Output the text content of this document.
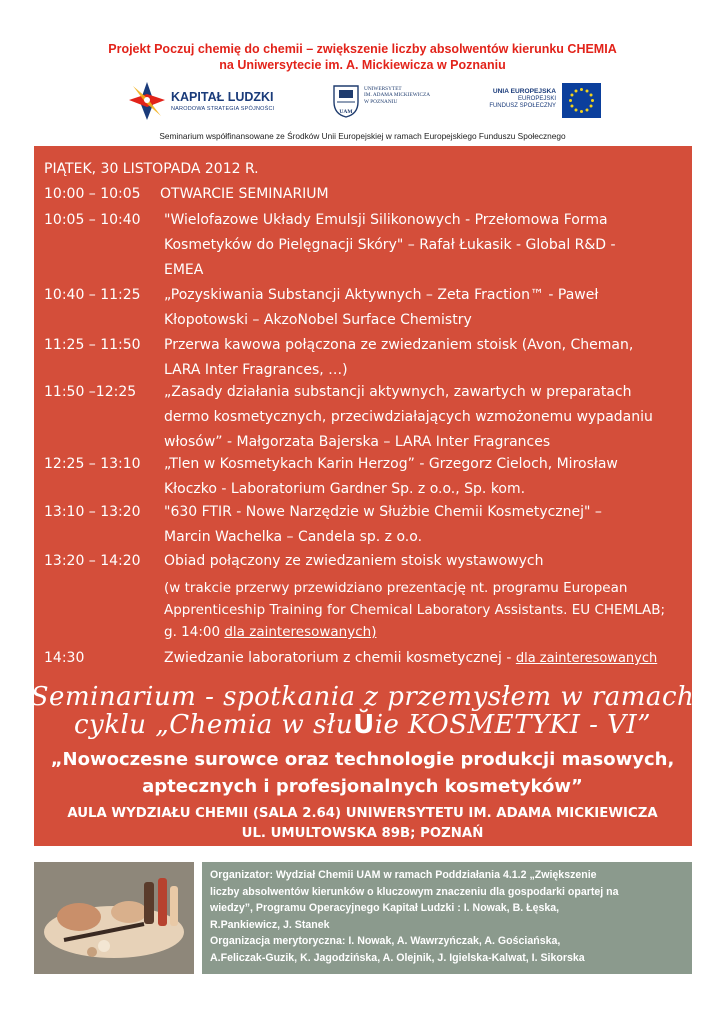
Projekt Poczuj chemię do chemii – zwiększenie liczby absolwentów kierunku CHEMIA
na Uniwersytecie im. A. Mickiewicza w Poznaniu
KAPITAŁ LUDZKI
NARODOWA STRATEGIA SPÓJNOŚCI
UNIWERSYTET
IM. ADAMA MICKIEWICZA
W POZNANIU
UAM
UNIA EUROPEJSKA
EUROPEJSKI
FUNDUSZ SPOŁECZNY
Seminarium współfinansowane ze Środków Unii Europejskiej w ramach Europejskiego Funduszu Społecznego
PIĄTEK, 30 LISTOPADA 2012 R.
10:00 – 10:05 OTWARCIE SEMINARIUM
10:05 – 10:40 "Wielofazowe Układy Emulsji Silikonowych - Przełomowa Forma
Kosmetyków do Pielęgnacji Skóry" – Rafał Łukasik - Global R&D -
EMEA
10:40 – 11:25 „Pozyskiwania Substancji Aktywnych – Zeta Fraction™ - Paweł
Kłopotowski – AkzoNobel Surface Chemistry
11:25 – 11:50 Przerwa kawowa połączona ze zwiedzaniem stoisk (Avon, Cheman,
LARA Inter Fragrances, …)
11:50 –12:25 „Zasady działania substancji aktywnych, zawartych w preparatach
dermo kosmetycznych, przeciwdziałających wzmożonemu wypadaniu
włosów” - Małgorzata Bajerska – LARA Inter Fragrances
12:25 – 13:10 „Tlen w Kosmetykach Karin Herzog” - Grzegorz Cieloch, Mirosław
Kłoczko - Laboratorium Gardner Sp. z o.o., Sp. kom.
13:10 – 13:20 "630 FTIR - Nowe Narzędzie w Służbie Chemii Kosmetycznej" –
Marcin Wachelka – Candela sp. z o.o.
13:20 – 14:20 Obiad połączony ze zwiedzaniem stoisk wystawowych
(w trakcie przerwy przewidziano prezentację nt. programu European
Apprenticeship Training for Chemical Laboratory Assistants. EU CHEMLAB;
g. 14:00 dla zainteresowanych)
14:30	Zwiedzanie laboratorium z chemii kosmetycznej - dla zainteresowanych
Seminarium - spotkania z przemysłem w ramach
cyklu „Chemia w słuŬie KOSMETYKI - VI”
„Nowoczesne surowce oraz technologie produkcji masowych,
aptecznych i profesjonalnych kosmetyków”
AULA WYDZIAŁU CHEMII (SALA 2.64) UNIWERSYTETU IM. ADAMA MICKIEWICZA
UL. UMULTOWSKA 89B; POZNAŃ
Organizator: Wydział Chemii UAM w ramach Poddziałania 4.1.2 „Zwiększenie
liczby absolwentów kierunków o kluczowym znaczeniu dla gospodarki opartej na
wiedzy”, Programu Operacyjnego Kapitał Ludzki : I. Nowak, B. Łęska,
R.Pankiewicz, J. Stanek
Organizacja merytoryczna: I. Nowak, A. Wawrzyńczak, A. Gościańska,
A.Feliczak-Guzik, K. Jagodzińska, A. Olejnik, J. Igielska-Kalwat, I. Sikorska
